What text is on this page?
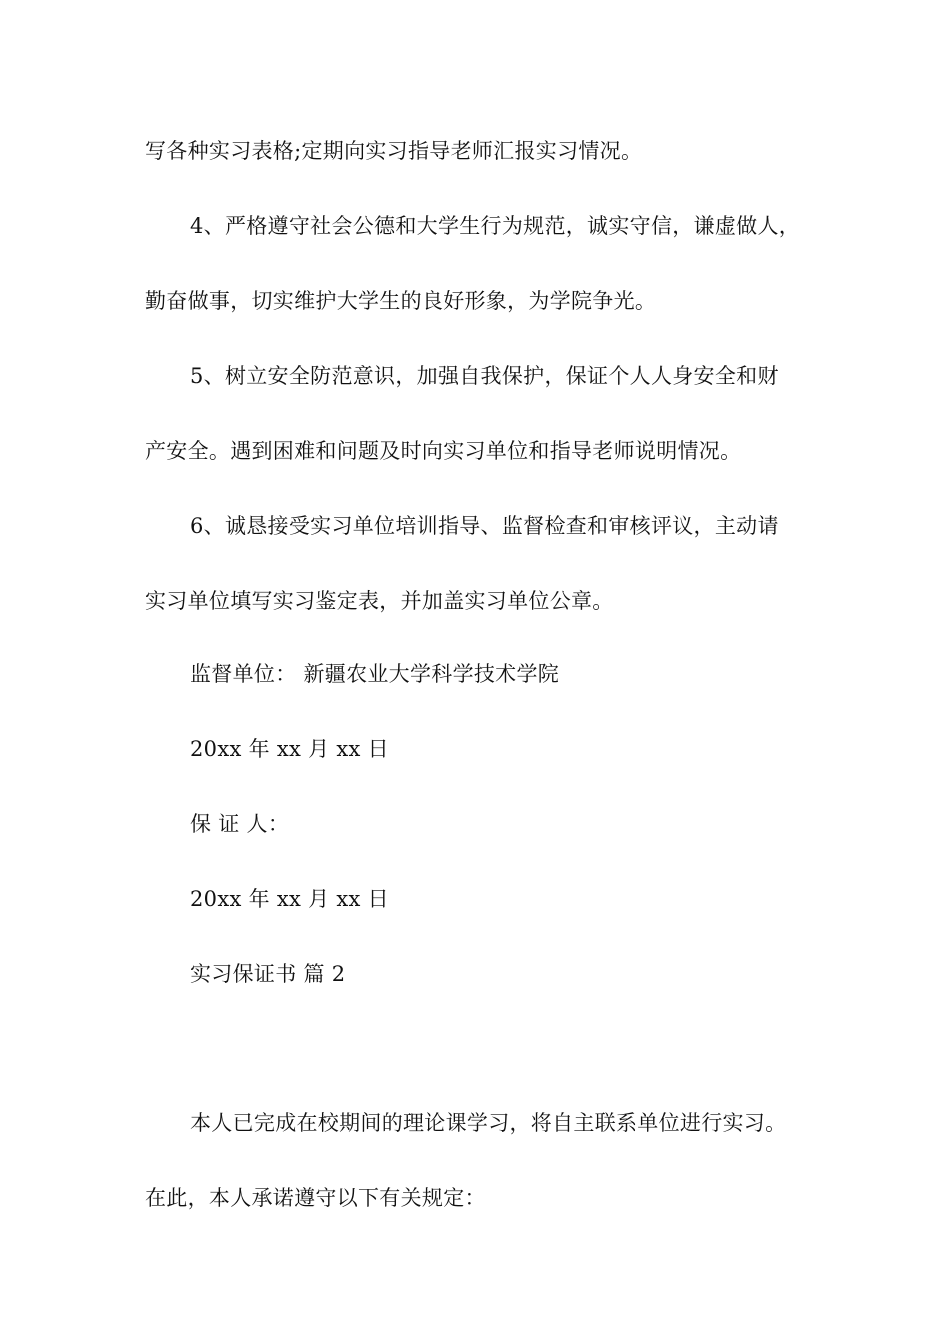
写各种实习表格;定期向实习指导老师汇报实习情况。
4、严格遵守社会公德和大学生行为规范，诚实守信，谦虚做人，
勤奋做事，切实维护大学生的良好形象，为学院争光。
5、树立安全防范意识，加强自我保护，保证个人人身安全和财
产安全。遇到困难和问题及时向实习单位和指导老师说明情况。
6、诚恳接受实习单位培训指导、监督检查和审核评议，主动请
实习单位填写实习鉴定表，并加盖实习单位公章。
监督单位： 新疆农业大学科学技术学院
20xx 年 xx 月 xx 日
保 证 人：
20xx 年 xx 月 xx 日
实习保证书 篇 2
本人已完成在校期间的理论课学习，将自主联系单位进行实习。
在此，本人承诺遵守以下有关规定：
